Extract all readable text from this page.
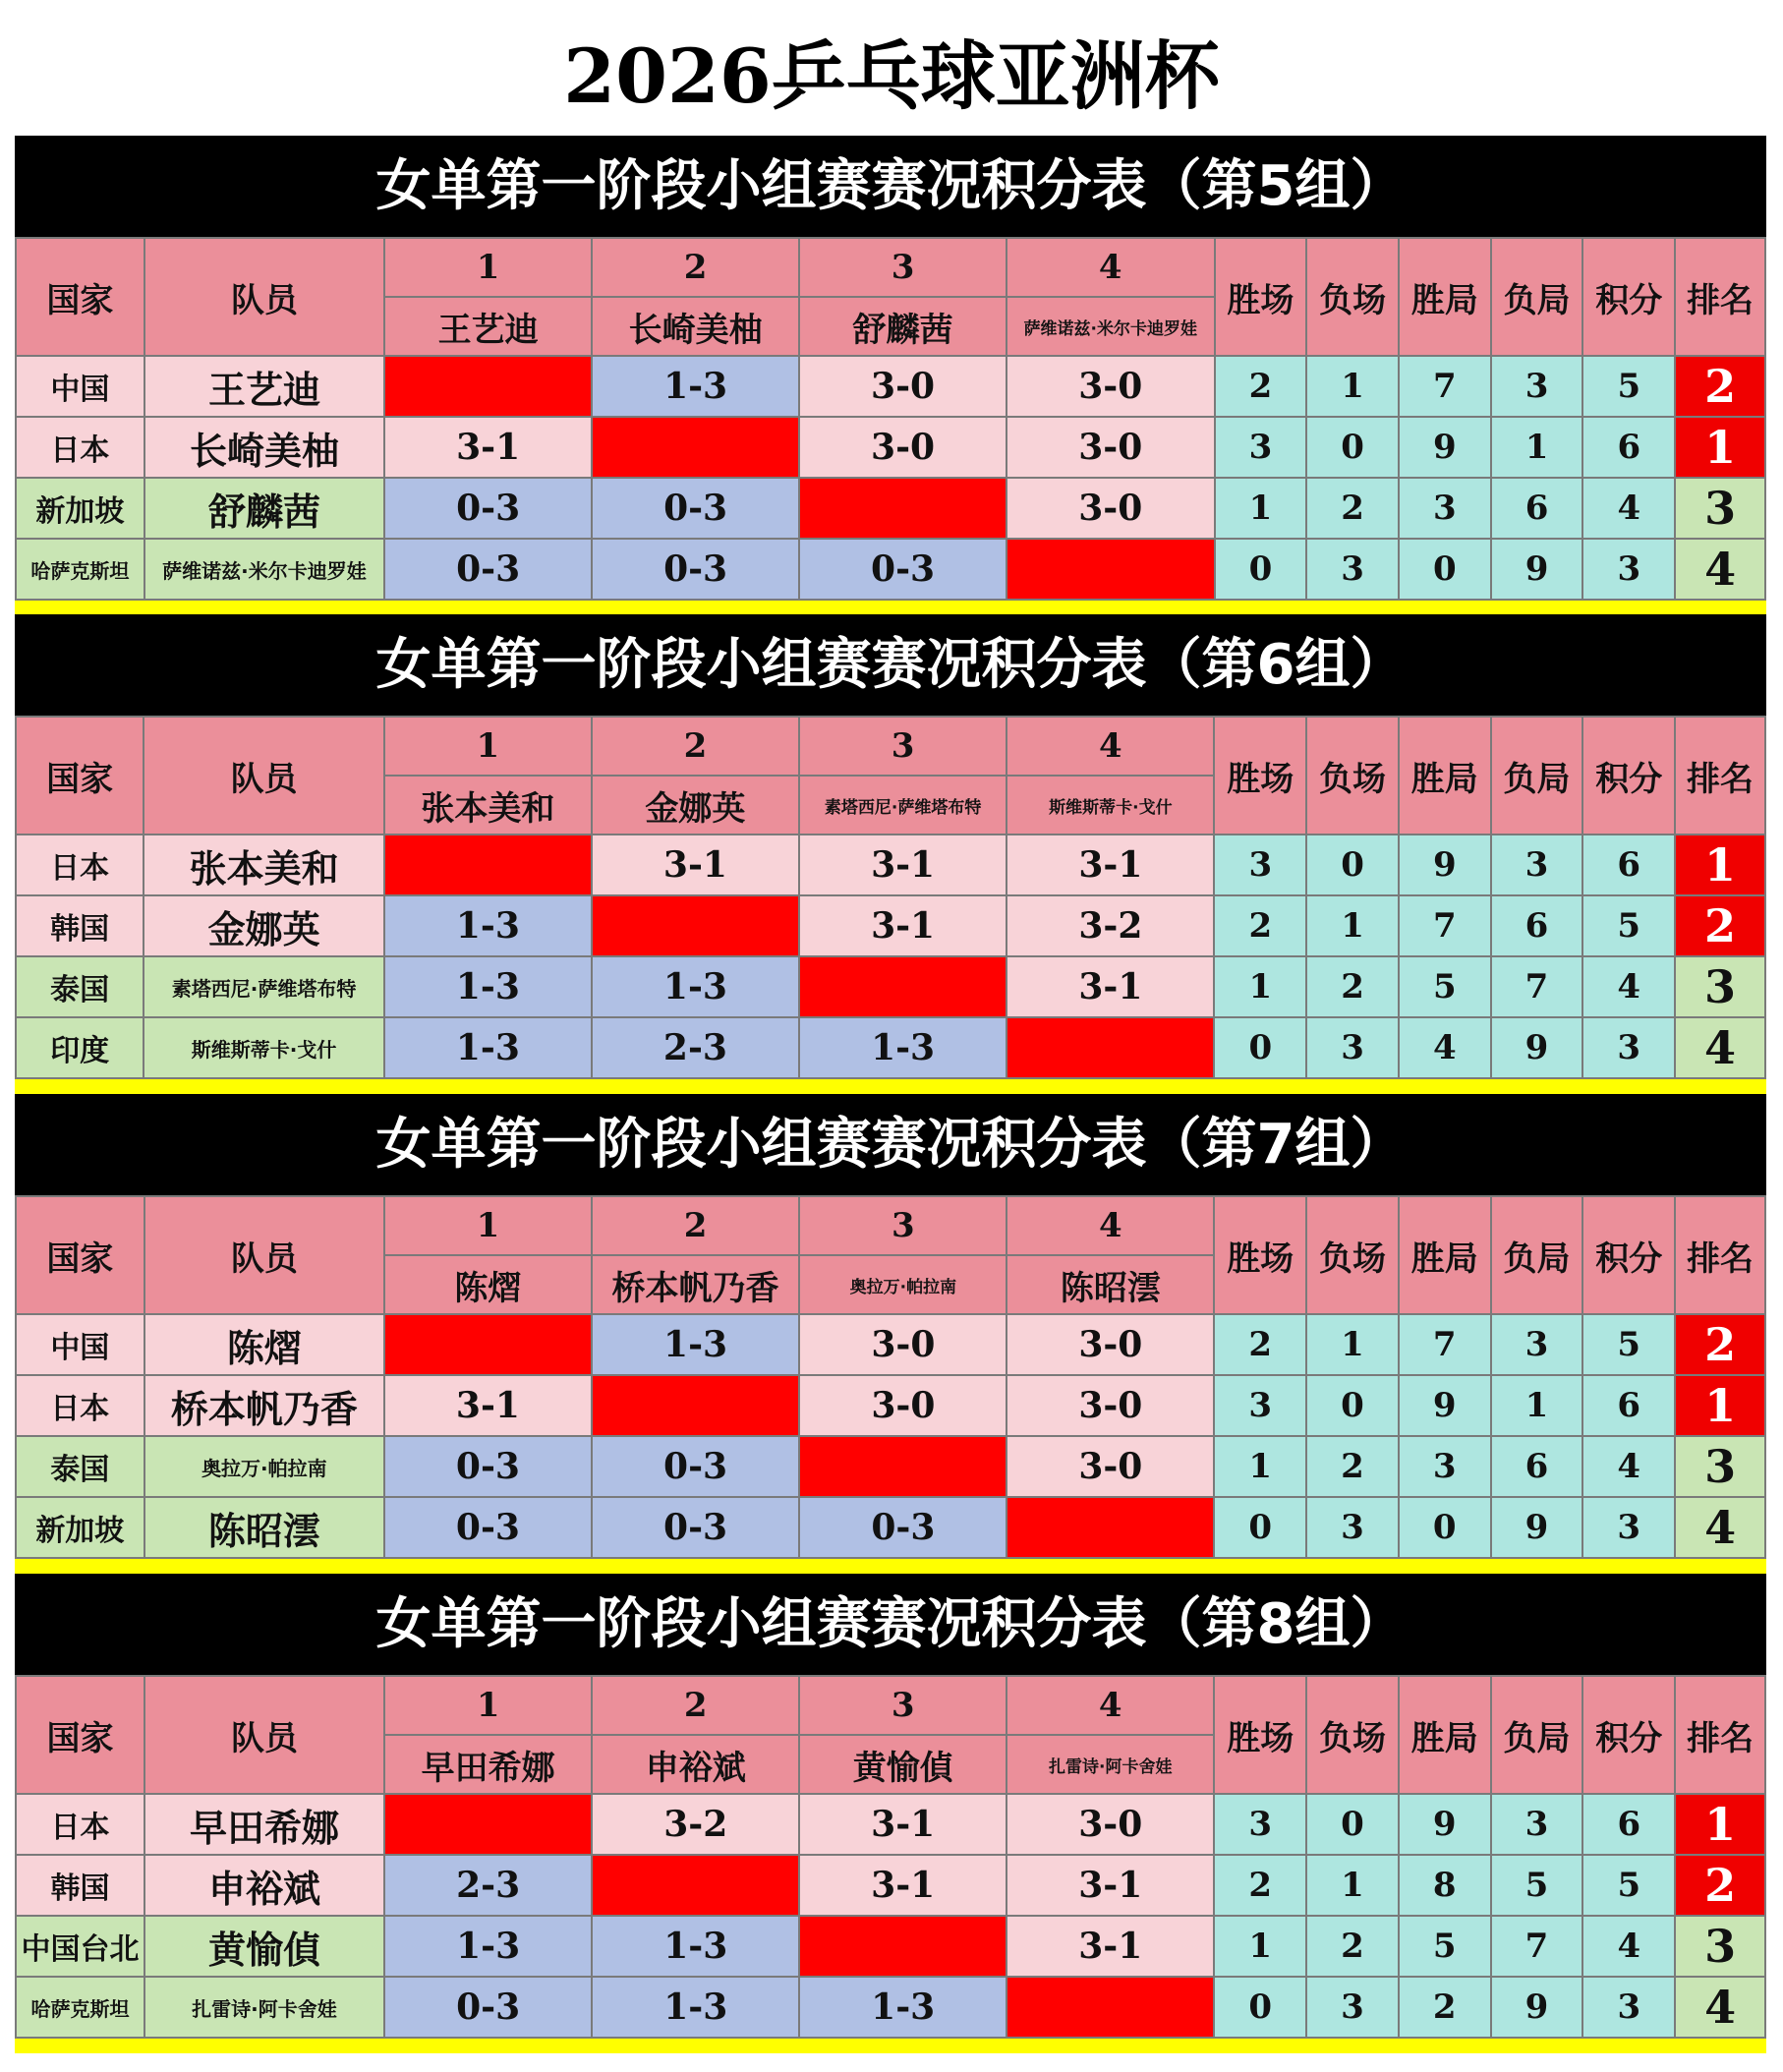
2026乒乓球亚洲杯
女单第一阶段小组赛赛况积分表（第5组）
国家	队员	1	2	3	4	胜场	负场	胜局	负局	积分	排名
		王艺迪	长崎美柚	舒麟茜	萨维诺兹·米尔卡迪罗娃						
中国	王艺迪		1-3	3-0	3-0	2	1	7	3	5	2
日本	长崎美柚	3-1		3-0	3-0	3	0	9	1	6	1
新加坡	舒麟茜	0-3	0-3		3-0	1	2	3	6	4	3
哈萨克斯坦	萨维诺兹·米尔卡迪罗娃	0-3	0-3	0-3		0	3	0	9	3	4
女单第一阶段小组赛赛况积分表（第6组）
国家	队员	1	2	3	4	胜场	负场	胜局	负局	积分	排名
		张本美和	金娜英	素塔西尼·萨维塔布特	斯维斯蒂卡·戈什						
日本	张本美和		3-1	3-1	3-1	3	0	9	3	6	1
韩国	金娜英	1-3		3-1	3-2	2	1	7	6	5	2
泰国	素塔西尼·萨维塔布特	1-3	1-3		3-1	1	2	5	7	4	3
印度	斯维斯蒂卡·戈什	1-3	2-3	1-3		0	3	4	9	3	4
女单第一阶段小组赛赛况积分表（第7组）
国家	队员	1	2	3	4	胜场	负场	胜局	负局	积分	排名
		陈熠	桥本帆乃香	奥拉万·帕拉南	陈昭澐						
中国	陈熠		1-3	3-0	3-0	2	1	7	3	5	2
日本	桥本帆乃香	3-1		3-0	3-0	3	0	9	1	6	1
泰国	奥拉万·帕拉南	0-3	0-3		3-0	1	2	3	6	4	3
新加坡	陈昭澐	0-3	0-3	0-3		0	3	0	9	3	4
女单第一阶段小组赛赛况积分表（第8组）
国家	队员	1	2	3	4	胜场	负场	胜局	负局	积分	排名
		早田希娜	申裕斌	黄愉偵	扎雷诗·阿卡舍娃						
日本	早田希娜		3-2	3-1	3-0	3	0	9	3	6	1
韩国	申裕斌	2-3		3-1	3-1	2	1	8	5	5	2
中国台北	黄愉偵	1-3	1-3		3-1	1	2	5	7	4	3
哈萨克斯坦	扎雷诗·阿卡舍娃	0-3	1-3	1-3		0	3	2	9	3	4
